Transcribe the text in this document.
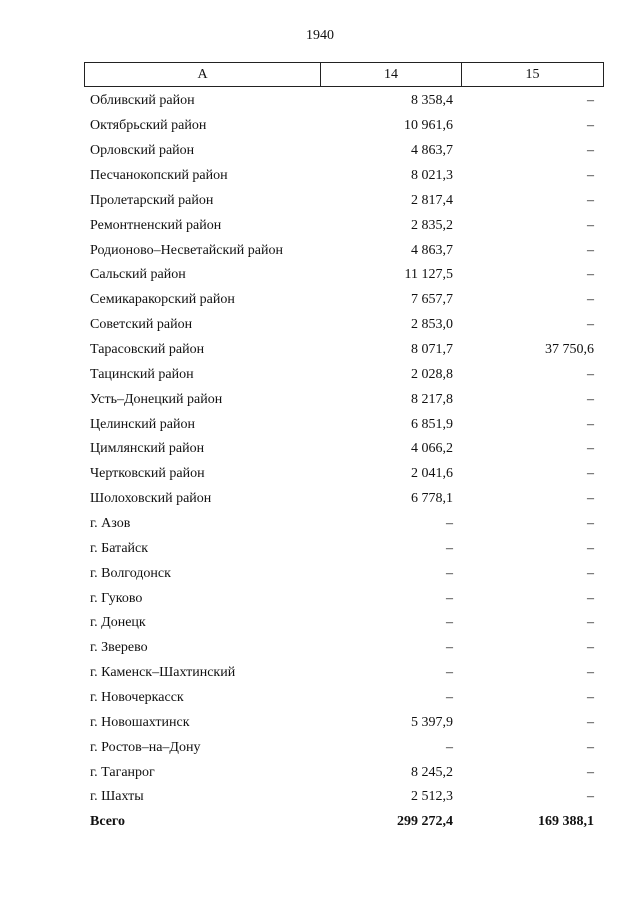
1940
А	14	15
Обливский район	8 358,4	–
Октябрьский район	10 961,6	–
Орловский район	4 863,7	–
Песчанокопский район	8 021,3	–
Пролетарский район	2 817,4	–
Ремонтненский район	2 835,2	–
Родионово–Несветайский район	4 863,7	–
Сальский район	11 127,5	–
Семикаракорский район	7 657,7	–
Советский район	2 853,0	–
Тарасовский район	8 071,7	37 750,6
Тацинский район	2 028,8	–
Усть–Донецкий район	8 217,8	–
Целинский район	6 851,9	–
Цимлянский район	4 066,2	–
Чертковский район	2 041,6	–
Шолоховский район	6 778,1	–
г. Азов	–	–
г. Батайск	–	–
г. Волгодонск	–	–
г. Гуково	–	–
г. Донецк	–	–
г. Зверево	–	–
г. Каменск–Шахтинский	–	–
г. Новочеркасск	–	–
г. Новошахтинск	5 397,9	–
г. Ростов–на–Дону	–	–
г. Таганрог	8 245,2	–
г. Шахты	2 512,3	–
Всего	299 272,4	169 388,1
